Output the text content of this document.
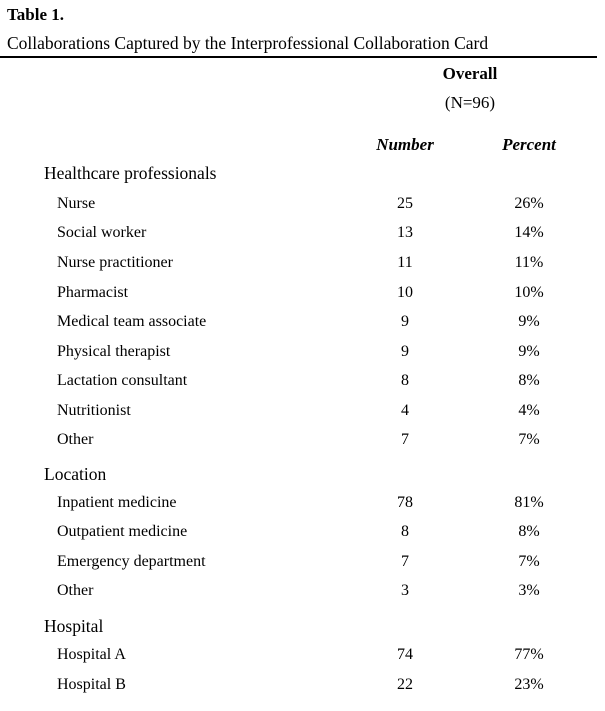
Table 1.
Collaborations Captured by the Interprofessional Collaboration Card
Overall
(N=96)
Number	Percent
Healthcare professionals
Nurse	25	26%
Social worker	13	14%
Nurse practitioner	11	11%
Pharmacist	10	10%
Medical team associate	9	9%
Physical therapist	9	9%
Lactation consultant	8	8%
Nutritionist	4	4%
Other	7	7%
Location
Inpatient medicine	78	81%
Outpatient medicine	8	8%
Emergency department	7	7%
Other	3	3%
Hospital
Hospital A	74	77%
Hospital B	22	23%
